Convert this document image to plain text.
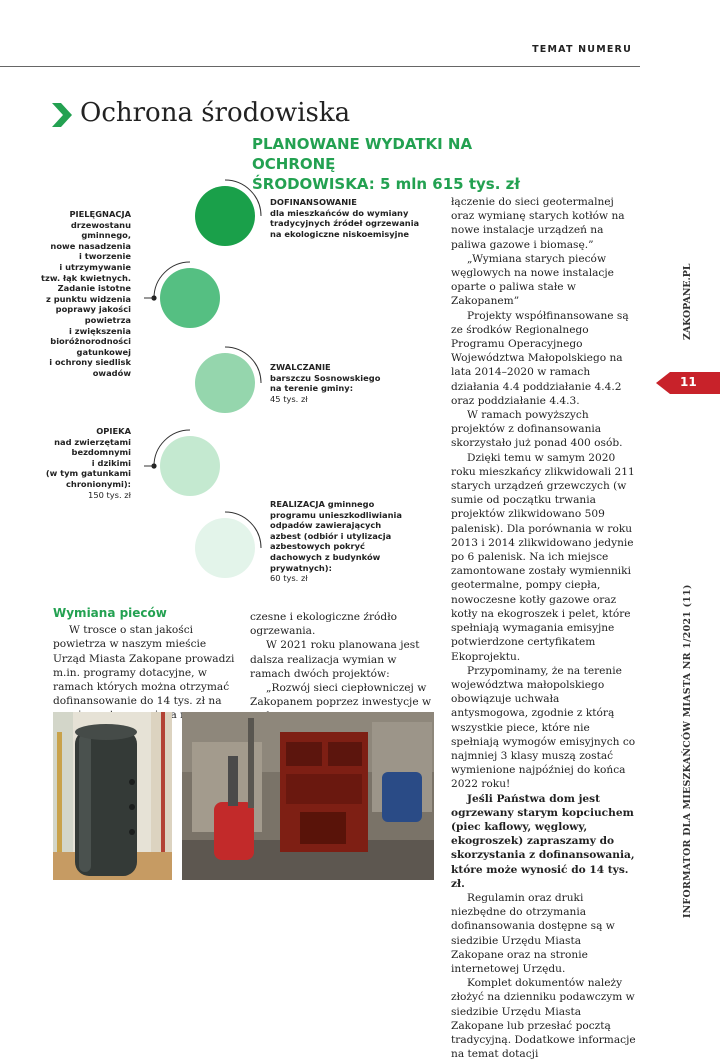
TEMAT NUMERU
Ochrona środowiska
PLANOWANE WYDATKI NA OCHRONĘ
ŚRODOWISKA: 5 mln 615 tys. zł
DOFINANSOWANIE
dla mieszkańców do wymiany
tradycyjnych źródeł ogrzewania
na ekologiczne niskoemisyjne
PIELĘGNACJA
drzewostanu
gminnego,
nowe nasadzenia
i tworzenie
i utrzymywanie
tzw. łąk kwietnych.
Zadanie istotne
z punktu widzenia
poprawy jakości
powietrza
i zwiększenia
bioróżnorodności
gatunkowej
i ochrony siedlisk
owadów
ZWALCZANIE
barszczu Sosnowskiego
na terenie gminy:
45 tys. zł
OPIEKA
nad zwierzętami
bezdomnymi
i dzikimi
(w tym gatunkami
chronionymi):
150 tys. zł
REALIZACJA gminnego
programu unieszkodliwiania
odpadów zawierających
azbest (odbiór i utylizacja
azbestowych pokryć
dachowych z budynków
prywatnych):
60 tys. zł
Wymiana pieców

W trosce o stan jakości powietrza w naszym mieście Urząd Miasta Zakopane prowadzi m.in. programy dotacyjne, w ramach których można otrzymać dofinansowanie do 14 tys. zł na

czesne i ekologiczne źródło ogrzewania.

W 2021 roku planowana jest dalsza realizacja wymian w ramach dwóch projektów:

„Rozwój sieci ciepłowniczej w Zakopanem poprzez inwestycje w

łączenie do sieci geotermalnej oraz wymianę starych kotłów na nowe instalacje urządzeń na paliwa gazowe i biomasę.”

„Wymiana starych pieców węglowych na nowe instalacje oparte o paliwa stałe w Zakopanem”

Projekty współfinansowane są ze środków Regionalnego Programu Operacyjnego Województwa Małopolskiego na lata 2014–2020 w ramach działania 4.4 poddziałanie 4.4.2 oraz poddziałanie 4.4.3.

W ramach powyższych projektów z dofinansowania skorzystało już ponad 400 osób.

Dzięki temu w samym 2020 roku mieszkańcy zlikwidowali 211 starych urządzeń grzewczych (w sumie od początku trwania projektów zlikwidowano 509 palenisk). Dla porównania w roku 2013 i 2014 zlikwidowano jedynie po 6 palenisk. Na ich miejsce zamontowane zostały wymienniki geotermalne, pompy ciepła, nowoczesne kotły gazowe oraz kotły na ekogroszek i pelet, które spełniają wymagania emisyjne potwierdzone certyfikatem Ekoprojektu.

Przypominamy, że na terenie województwa małopolskiego obowiązuje uchwała antysmogowa, zgodnie z którą wszystkie piece, które nie spełniają wymogów emisyjnych co najmniej 3 klasy muszą zostać wymienione najpóźniej do końca 2022 roku!

Jeśli Państwa dom jest ogrzewany starym kopciuchem (piec kaflowy, węglowy, ekogroszek) zapraszamy do skorzystania z dofinansowania, które może wynosić do 14 tys. zł.

Regulamin oraz druki niezbędne do otrzymania dofinansowania dostępne są w siedzibie Urzędu Miasta Zakopane oraz na stronie internetowej Urzędu.

Komplet dokumentów należy złożyć na dzienniku podawczym w siedzibie Urzędu Miasta Zakopane lub przesłać pocztą tradycyjną. Dodatkowe informacje na temat dotacji

INFORMATOR DLA MIESZKAŃCÓW MIASTA NR 1/2021 (11)
ZAKOPANE.PL
11
